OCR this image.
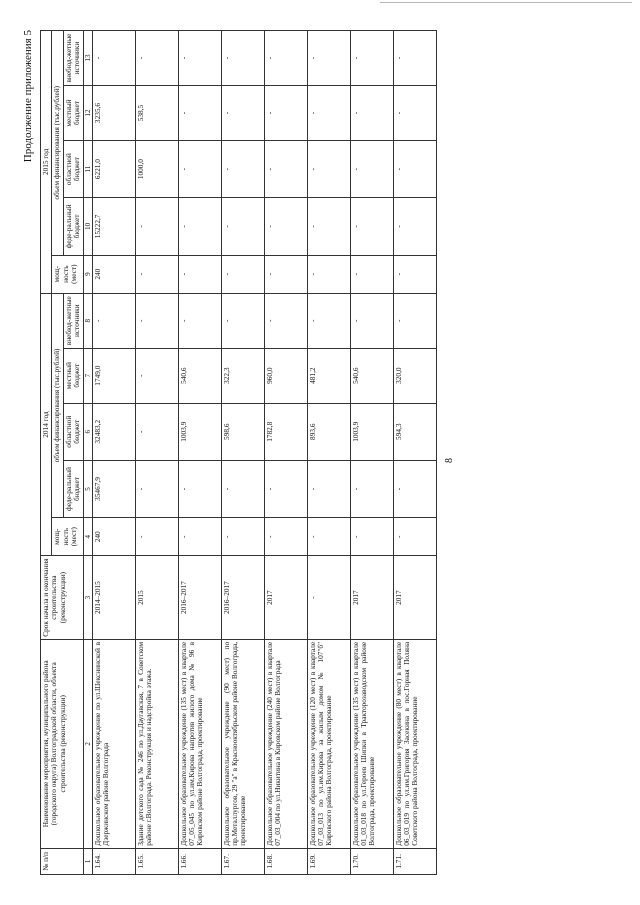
8
Продолжение приложения 5
№ п/п	Наименование мероприятия, муниципального района (городского округа) Волгоградской области, объекта строительства (реконструкции)	Срок начала и окончания строительства (реконструкции)	2014 год					2015 год				
			мощ-ность (мест)	объем финансирования (тыс.рублей)				мощ-ность (мест)	объем финансирования (тыс.рублей)			
				феде-ральный бюджет	областной бюджет	местный бюджет	внебюд-жетные источники		феде-ральный бюджет	областной бюджет	местный бюджет	внебюд-жетные источники
1	2	3	4	5	6	7	8	9	10	11	12	13
1.64.	Дошкольное образовательное учреждение по ул.Шекснинской в Дзержинском районе Волгограда	2014–2015	240	35467,9	32483,2	1749,0	-	240	15222,7	6221,0	3235,6	-
1.65.	Здание детского сада № 246 по ул.Даугавская, 7 в Советском районе г.Волгограда. Реконструкция и надстройка этажа.	2015	-	-	-	-	-	-	-	1000,0	538,5	-
1.66.	Дошкольное образовательное учреждение (135 мест) в квартале 07_05_045 по ул.им.Кирова напротив жилого дома № 96 в Кировском районе Волгограда, проектирование	2016–2017	-	-	1003,9	540,6	-	-	-	-	-	-
1.67.	Дошкольное образовательное учреждение (90 мест) по пр.Металлургов, 29 "а" в Краснооктябрьском районе Волгограда, проектирование	2016–2017	-	-	598,6	322,3	-	-	-	-	-	-
1.68.	Дошкольное образовательное учреждение (240 мест) в квартале 07_03_004 по ул.Никитина в Кировском районе Волгограда	2017	-	-	1782,8	960,0	-	-	-	-	-	-
1.69.	Дошкольное образовательное учреждение (120 мест) в квартале 07_03_013 по ул.им.Кирова за жилым домом № 107"б" Кировского района Волгограда, проектирование	-	-	-	893,6	481,2	-	-	-	-	-	-
1.70.	Дошкольное образовательное учреждение (135 мест) в квартале 01_03_018 по ул.Героев Шипки в Тракторозаводском районе Волгограда, проектирование	2017	-	-	1003,9	540,6	-	-	-	-	-	-
1.71.	Дошкольное образовательное учреждение (80 мест) в квартале 06_03_019 по ул.им.Григория Засекина в пос.Горная Поляна Советского района Волгограда, проектирование	2017	-	-	594,3	320,0	-	-	-	-	-	-
